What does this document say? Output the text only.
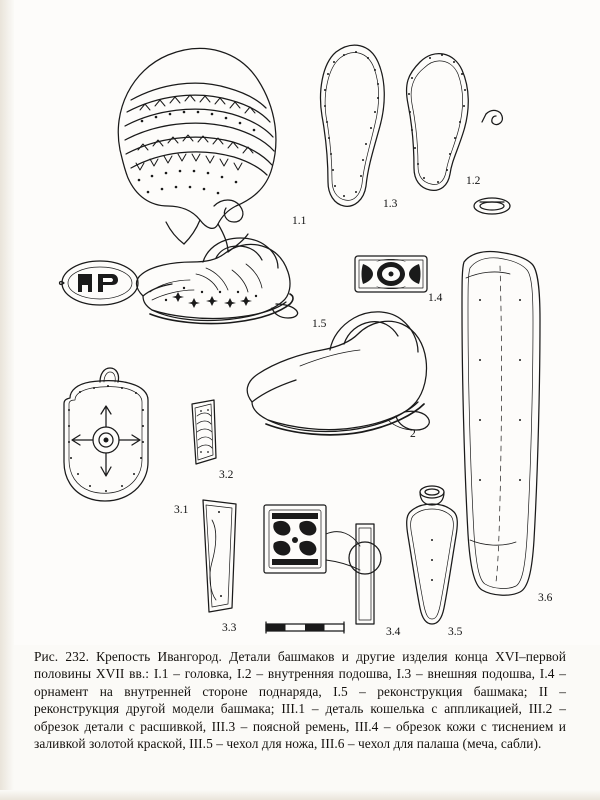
1.1
1.3
1.2
1.4
1.5
2
3.1
3.2
3.3	3.4	3.5
3.6
Рис. 232. Крепость Ивангород. Детали башмаков и другие изделия конца XVI–первой половины XVII вв.: I.1 – головка, I.2 – внутренняя подошва, I.3 – внешняя подошва, I.4 – орнамент на внутренней стороне поднаряда, I.5 – реконструкция башмака; II – реконструкция другой модели башмака; III.1 – деталь кошелька с аппликацией, III.2 – обрезок детали с расшивкой, III.3 – поясной ремень, III.4 – обрезок кожи с тиснением и заливкой золотой краской, III.5 – чехол для ножа, III.6 – чехол для палаша (меча, сабли).
